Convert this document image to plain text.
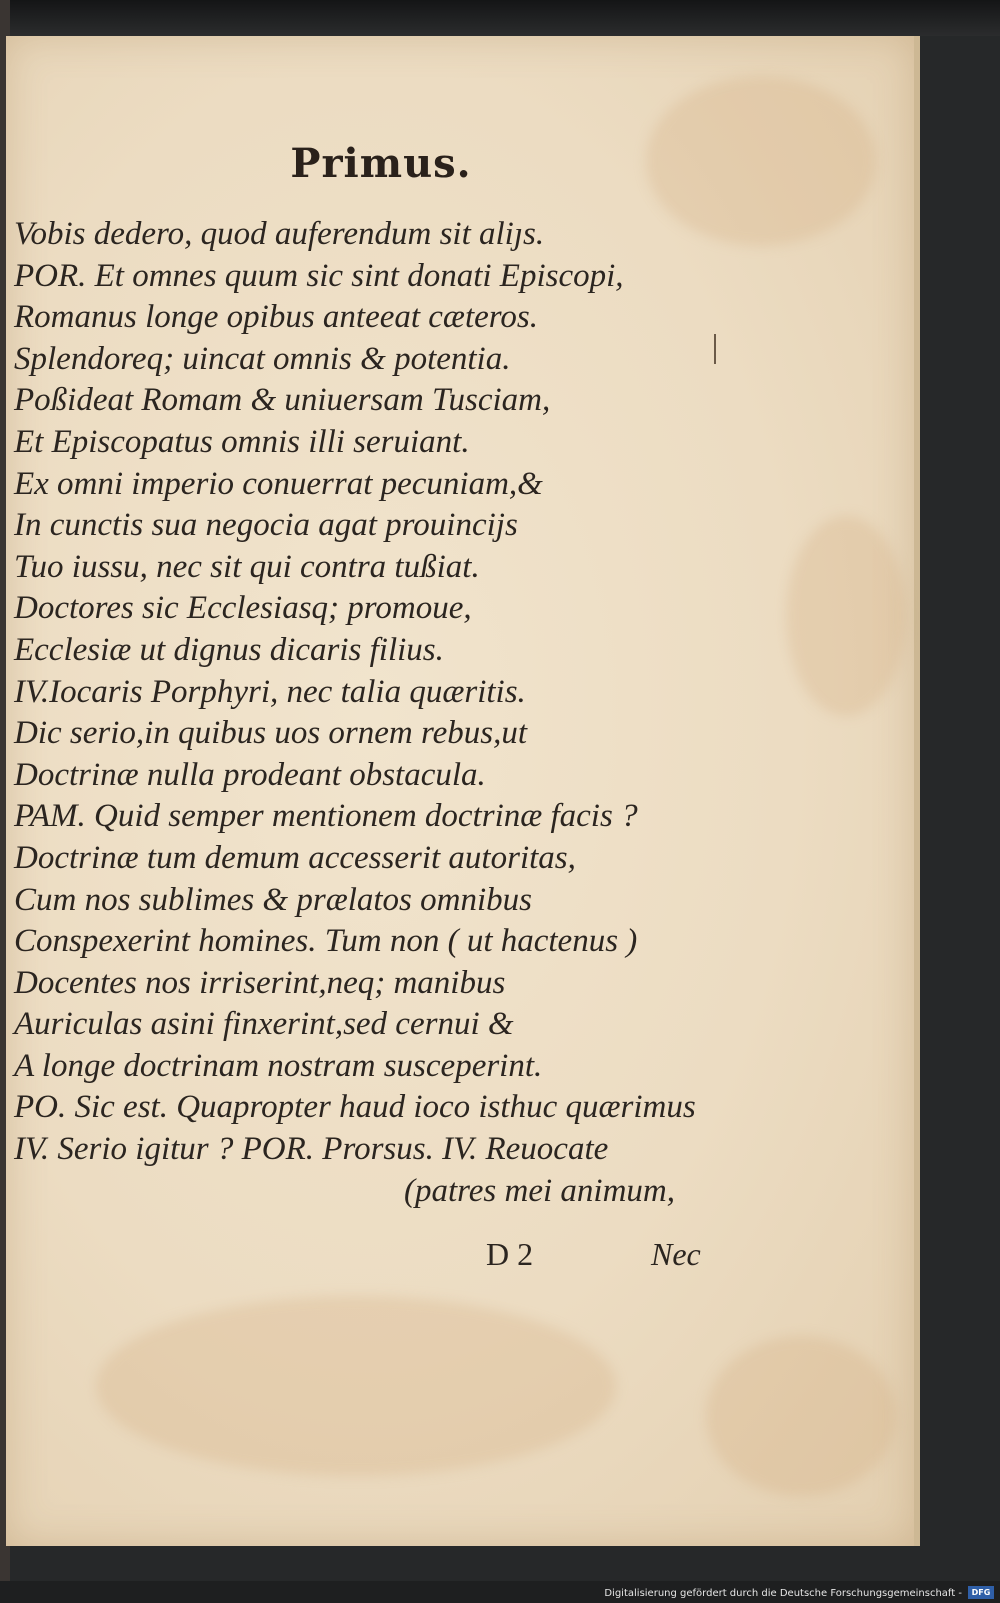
Primus.
Vobis dedero, quod auferendum sit aliȷs.
POR. Et omnes quum sic sint donati Episcopi,
Romanus longe opibus anteeat cæteros.
Splendoreq; uincat omnis & potentia.
Poßideat Romam & uniuersam Tusciam,
Et Episcopatus omnis illi seruiant.
Ex omni imperio conuerrat pecuniam,&
In cunctis sua negocia agat prouincijs
Tuo iussu, nec sit qui contra tußiat.
Doctores sic Ecclesiasq; promoue,
Ecclesiæ ut dignus dicaris filius.
IV.Iocaris Porphyri, nec talia quæritis.
Dic serio,in quibus uos ornem rebus,ut
Doctrinæ nulla prodeant obstacula.
PAM. Quid semper mentionem doctrinæ facis ?
Doctrinæ tum demum accesserit autoritas,
Cum nos sublimes & prælatos omnibus
Conspexerint homines. Tum non ( ut hactenus )
Docentes nos irriserint,neq; manibus
Auriculas asini finxerint,sed cernui &
A longe doctrinam nostram susceperint.
PO. Sic est. Quapropter haud ioco isthuc quærimus
IV. Serio igitur ? POR. Prorsus. IV. Reuocate
(patres mei animum,
D 2	Nec
Digitalisierung gefördert durch die Deutsche Forschungsgemeinschaft -	DFG
